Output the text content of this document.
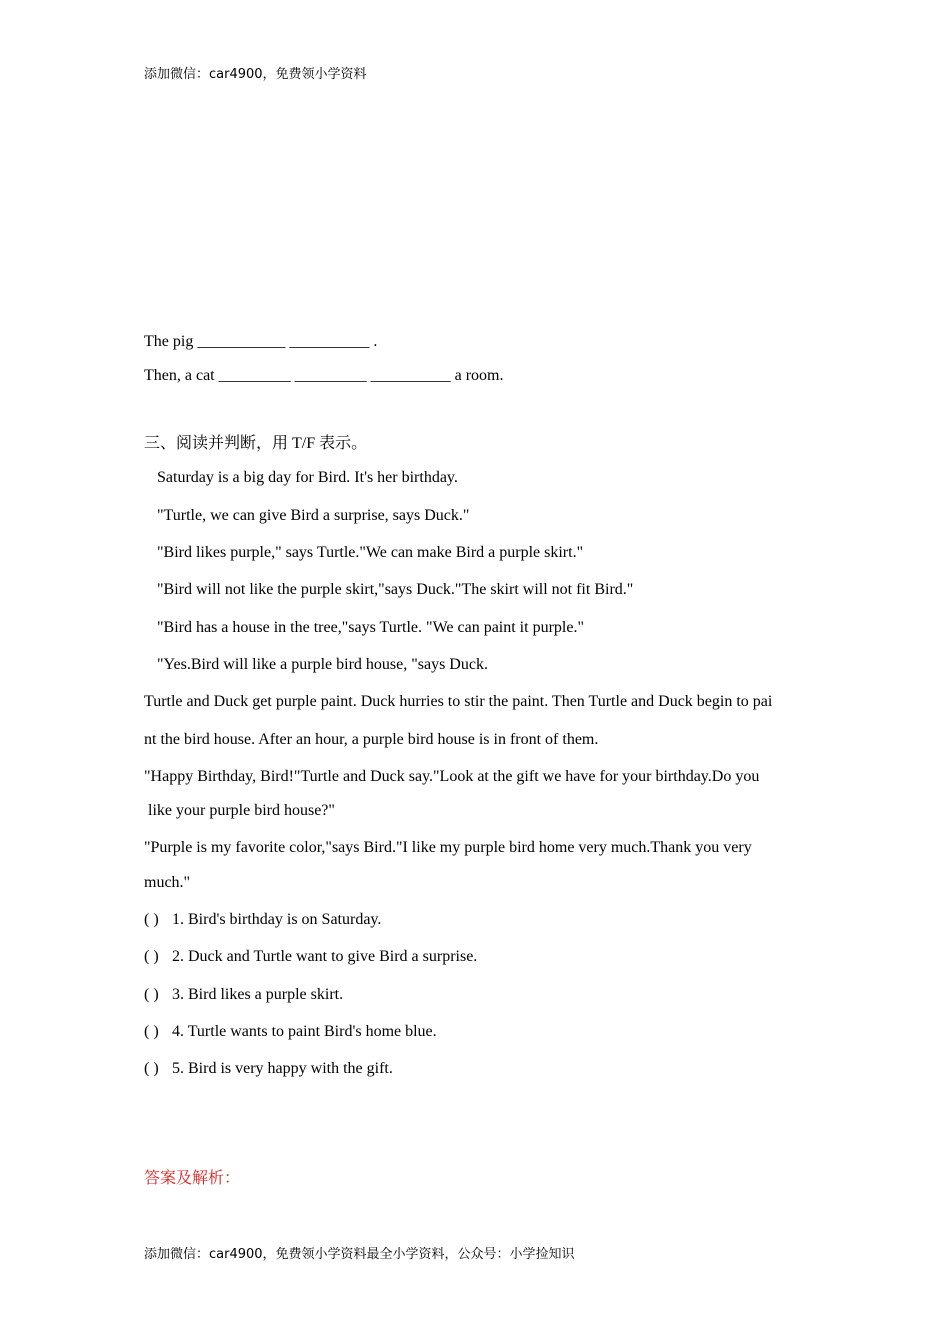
添加微信：car4900，免费领小学资料
The pig ___________ __________ .
Then, a cat _________ _________ __________ a room.
三、阅读并判断，用 T/F 表示。
Saturday is a big day for Bird. It's her birthday.
"Turtle, we can give Bird a surprise, says Duck."
"Bird likes purple," says Turtle."We can make Bird a purple skirt."
"Bird will not like the purple skirt,"says Duck."The skirt will not fit Bird."
"Bird has a house in the tree,"says Turtle. "We can paint it purple."
"Yes.Bird will like a purple bird house, "says Duck.
Turtle and Duck get purple paint. Duck hurries to stir the paint. Then Turtle and Duck begin to pai
nt the bird house. After an hour, a purple bird house is in front of them.
"Happy Birthday, Bird!"Turtle and Duck say."Look at the gift we have for your birthday.Do you
like your purple bird house?"
"Purple is my favorite color,"says Bird."I like my purple bird home very much.Thank you very
much."
( ) 1. Bird's birthday is on Saturday.
( ) 2. Duck and Turtle want to give Bird a surprise.
( ) 3. Bird likes a purple skirt.
( ) 4. Turtle wants to paint Bird's home blue.
( ) 5. Bird is very happy with the gift.
答案及解析：
添加微信：car4900，免费领小学资料最全小学资料，公众号：小学捡知识
